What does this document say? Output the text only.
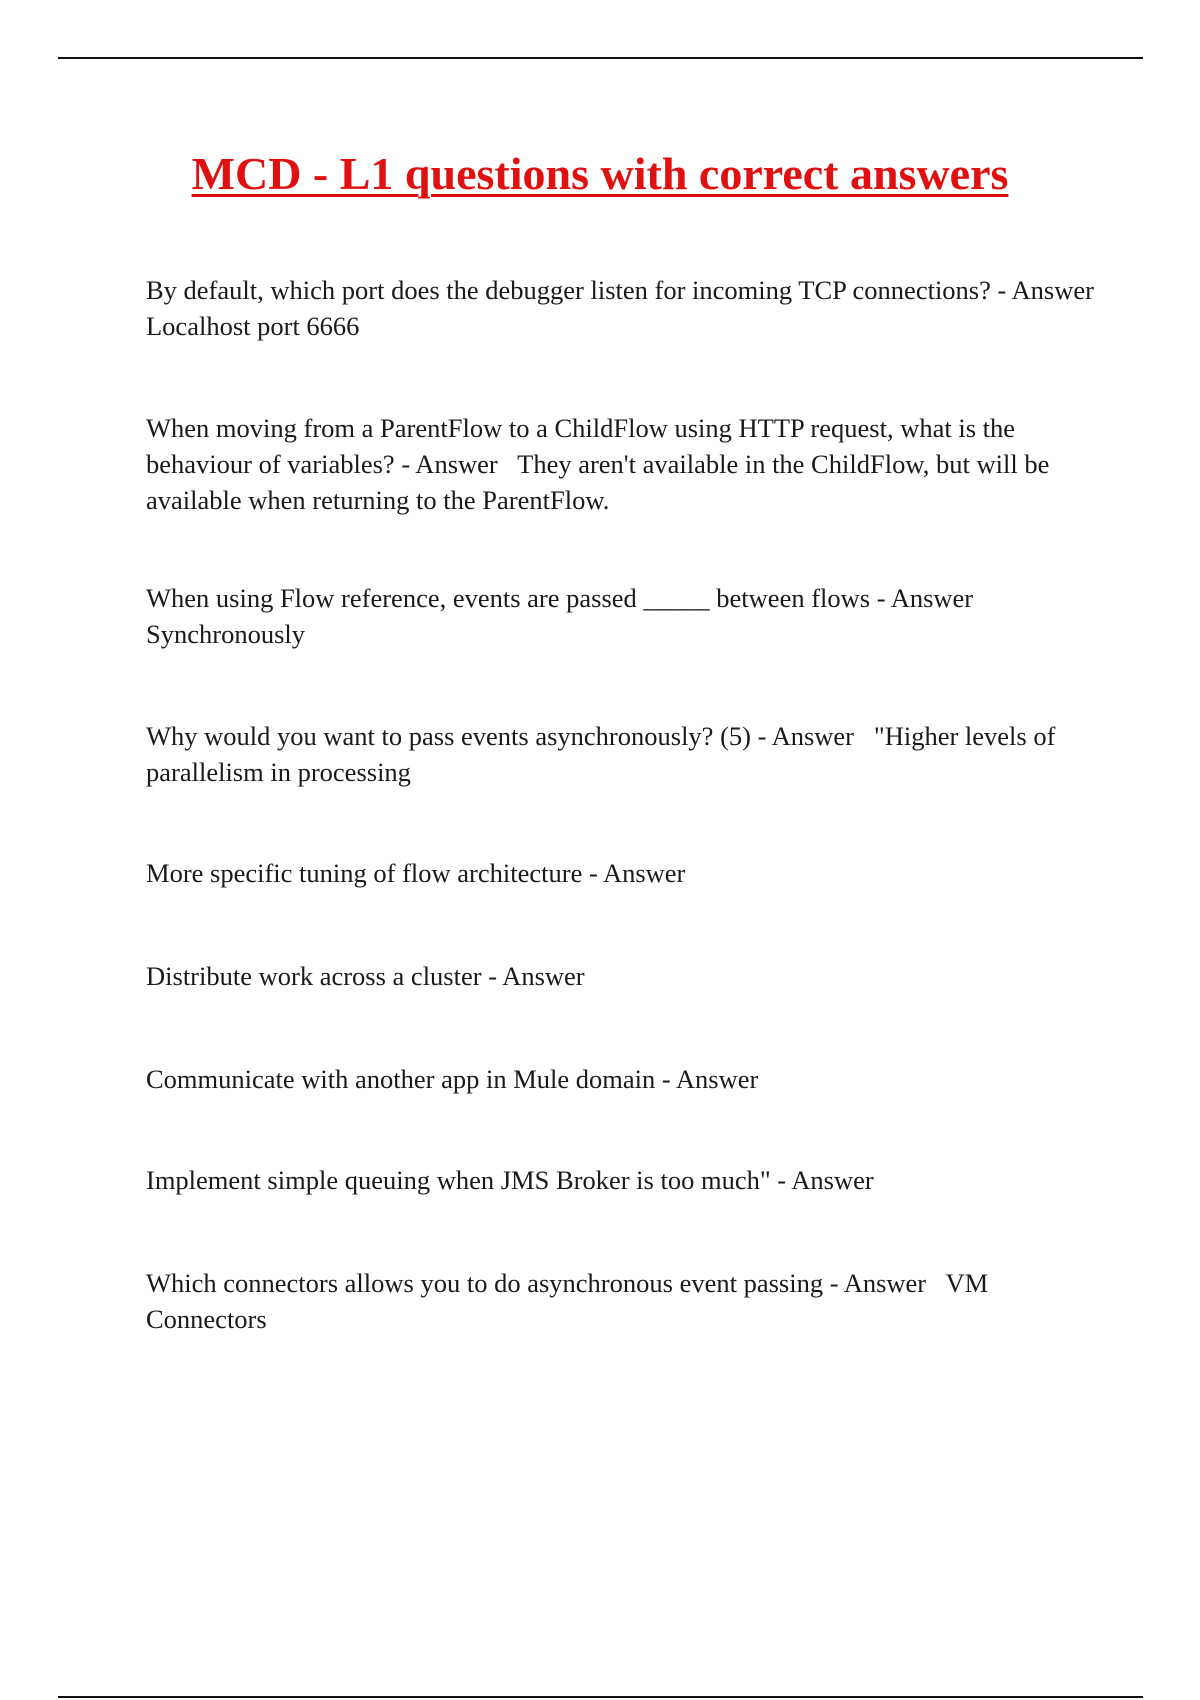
MCD - L1 questions with correct answers

By default, which port does the debugger listen for incoming TCP connections? - Answer   Localhost port 6666

When moving from a ParentFlow to a ChildFlow using HTTP request, what is the behaviour of variables? - Answer   They aren't available in the ChildFlow, but will be available when returning to the ParentFlow.

When using Flow reference, events are passed _____ between flows - Answer Synchronously

Why would you want to pass events asynchronously? (5) - Answer   "Higher levels of parallelism in processing

More specific tuning of flow architecture - Answer

Distribute work across a cluster - Answer

Communicate with another app in Mule domain - Answer

Implement simple queuing when JMS Broker is too much" - Answer

Which connectors allows you to do asynchronous event passing - Answer   VM Connectors
